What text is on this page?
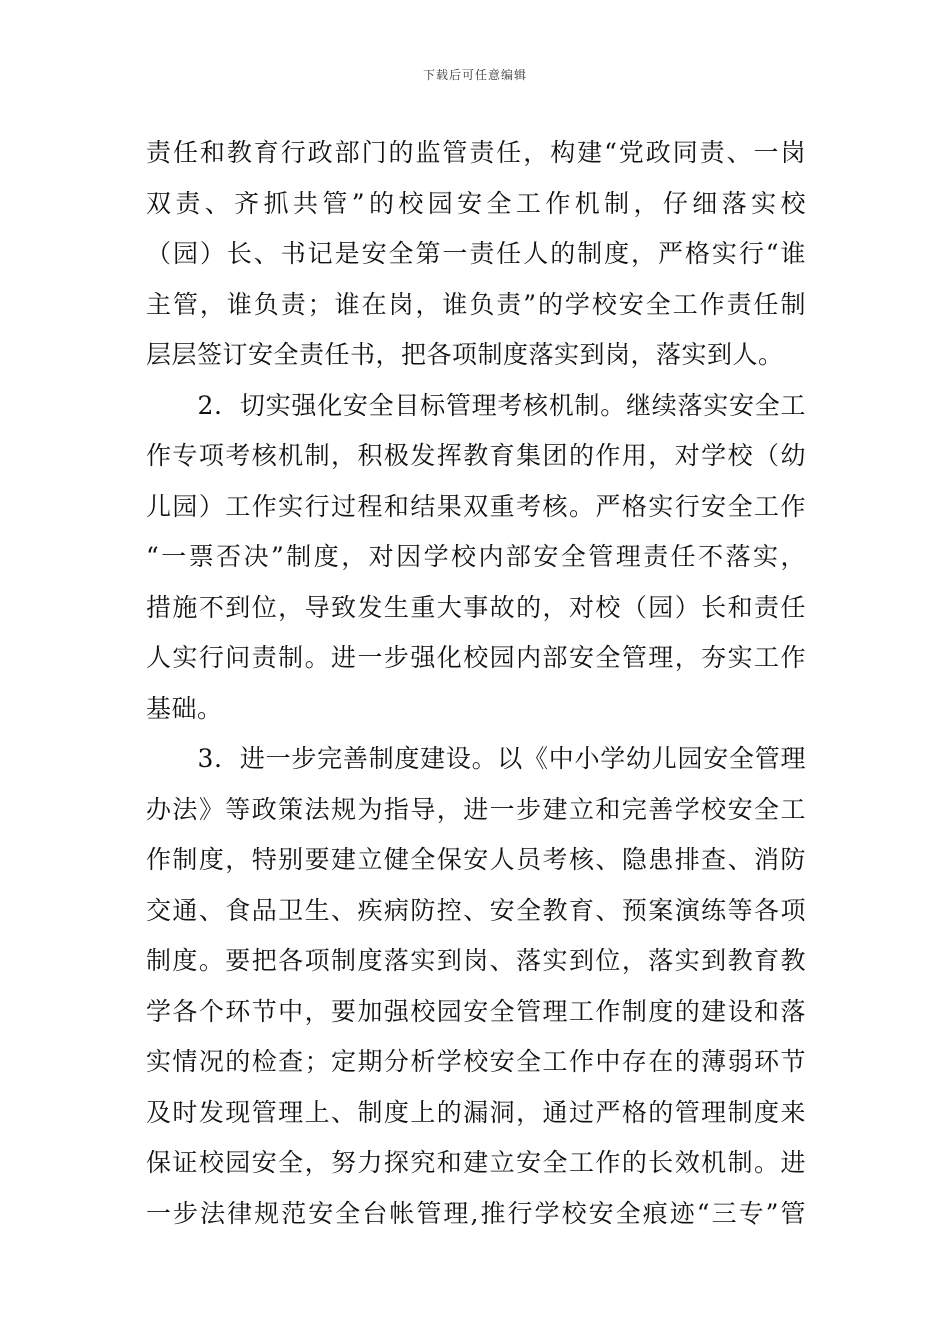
下载后可任意编辑
责任和教育行政部门的监管责任，构建“党政同责、一岗
双责、齐抓共管”的校园安全工作机制，仔细落实校
（园）长、书记是安全第一责任人的制度，严格实行“谁
主管，谁负责；谁在岗，谁负责”的学校安全工作责任制
层层签订安全责任书，把各项制度落实到岗，落实到人。
　　2．切实强化安全目标管理考核机制。继续落实安全工
作专项考核机制，积极发挥教育集团的作用，对学校（幼
儿园）工作实行过程和结果双重考核。严格实行安全工作
“一票否决”制度，对因学校内部安全管理责任不落实，
措施不到位，导致发生重大事故的，对校（园）长和责任
人实行问责制。进一步强化校园内部安全管理，夯实工作
基础。
　　3．进一步完善制度建设。以《中小学幼儿园安全管理
办法》等政策法规为指导，进一步建立和完善学校安全工
作制度，特别要建立健全保安人员考核、隐患排查、消防
交通、食品卫生、疾病防控、安全教育、预案演练等各项
制度。要把各项制度落实到岗、落实到位，落实到教育教
学各个环节中，要加强校园安全管理工作制度的建设和落
实情况的检查；定期分析学校安全工作中存在的薄弱环节
及时发现管理上、制度上的漏洞，通过严格的管理制度来
保证校园安全，努力探究和建立安全工作的长效机制。进
一步法律规范安全台帐管理,推行学校安全痕迹“三专”管
